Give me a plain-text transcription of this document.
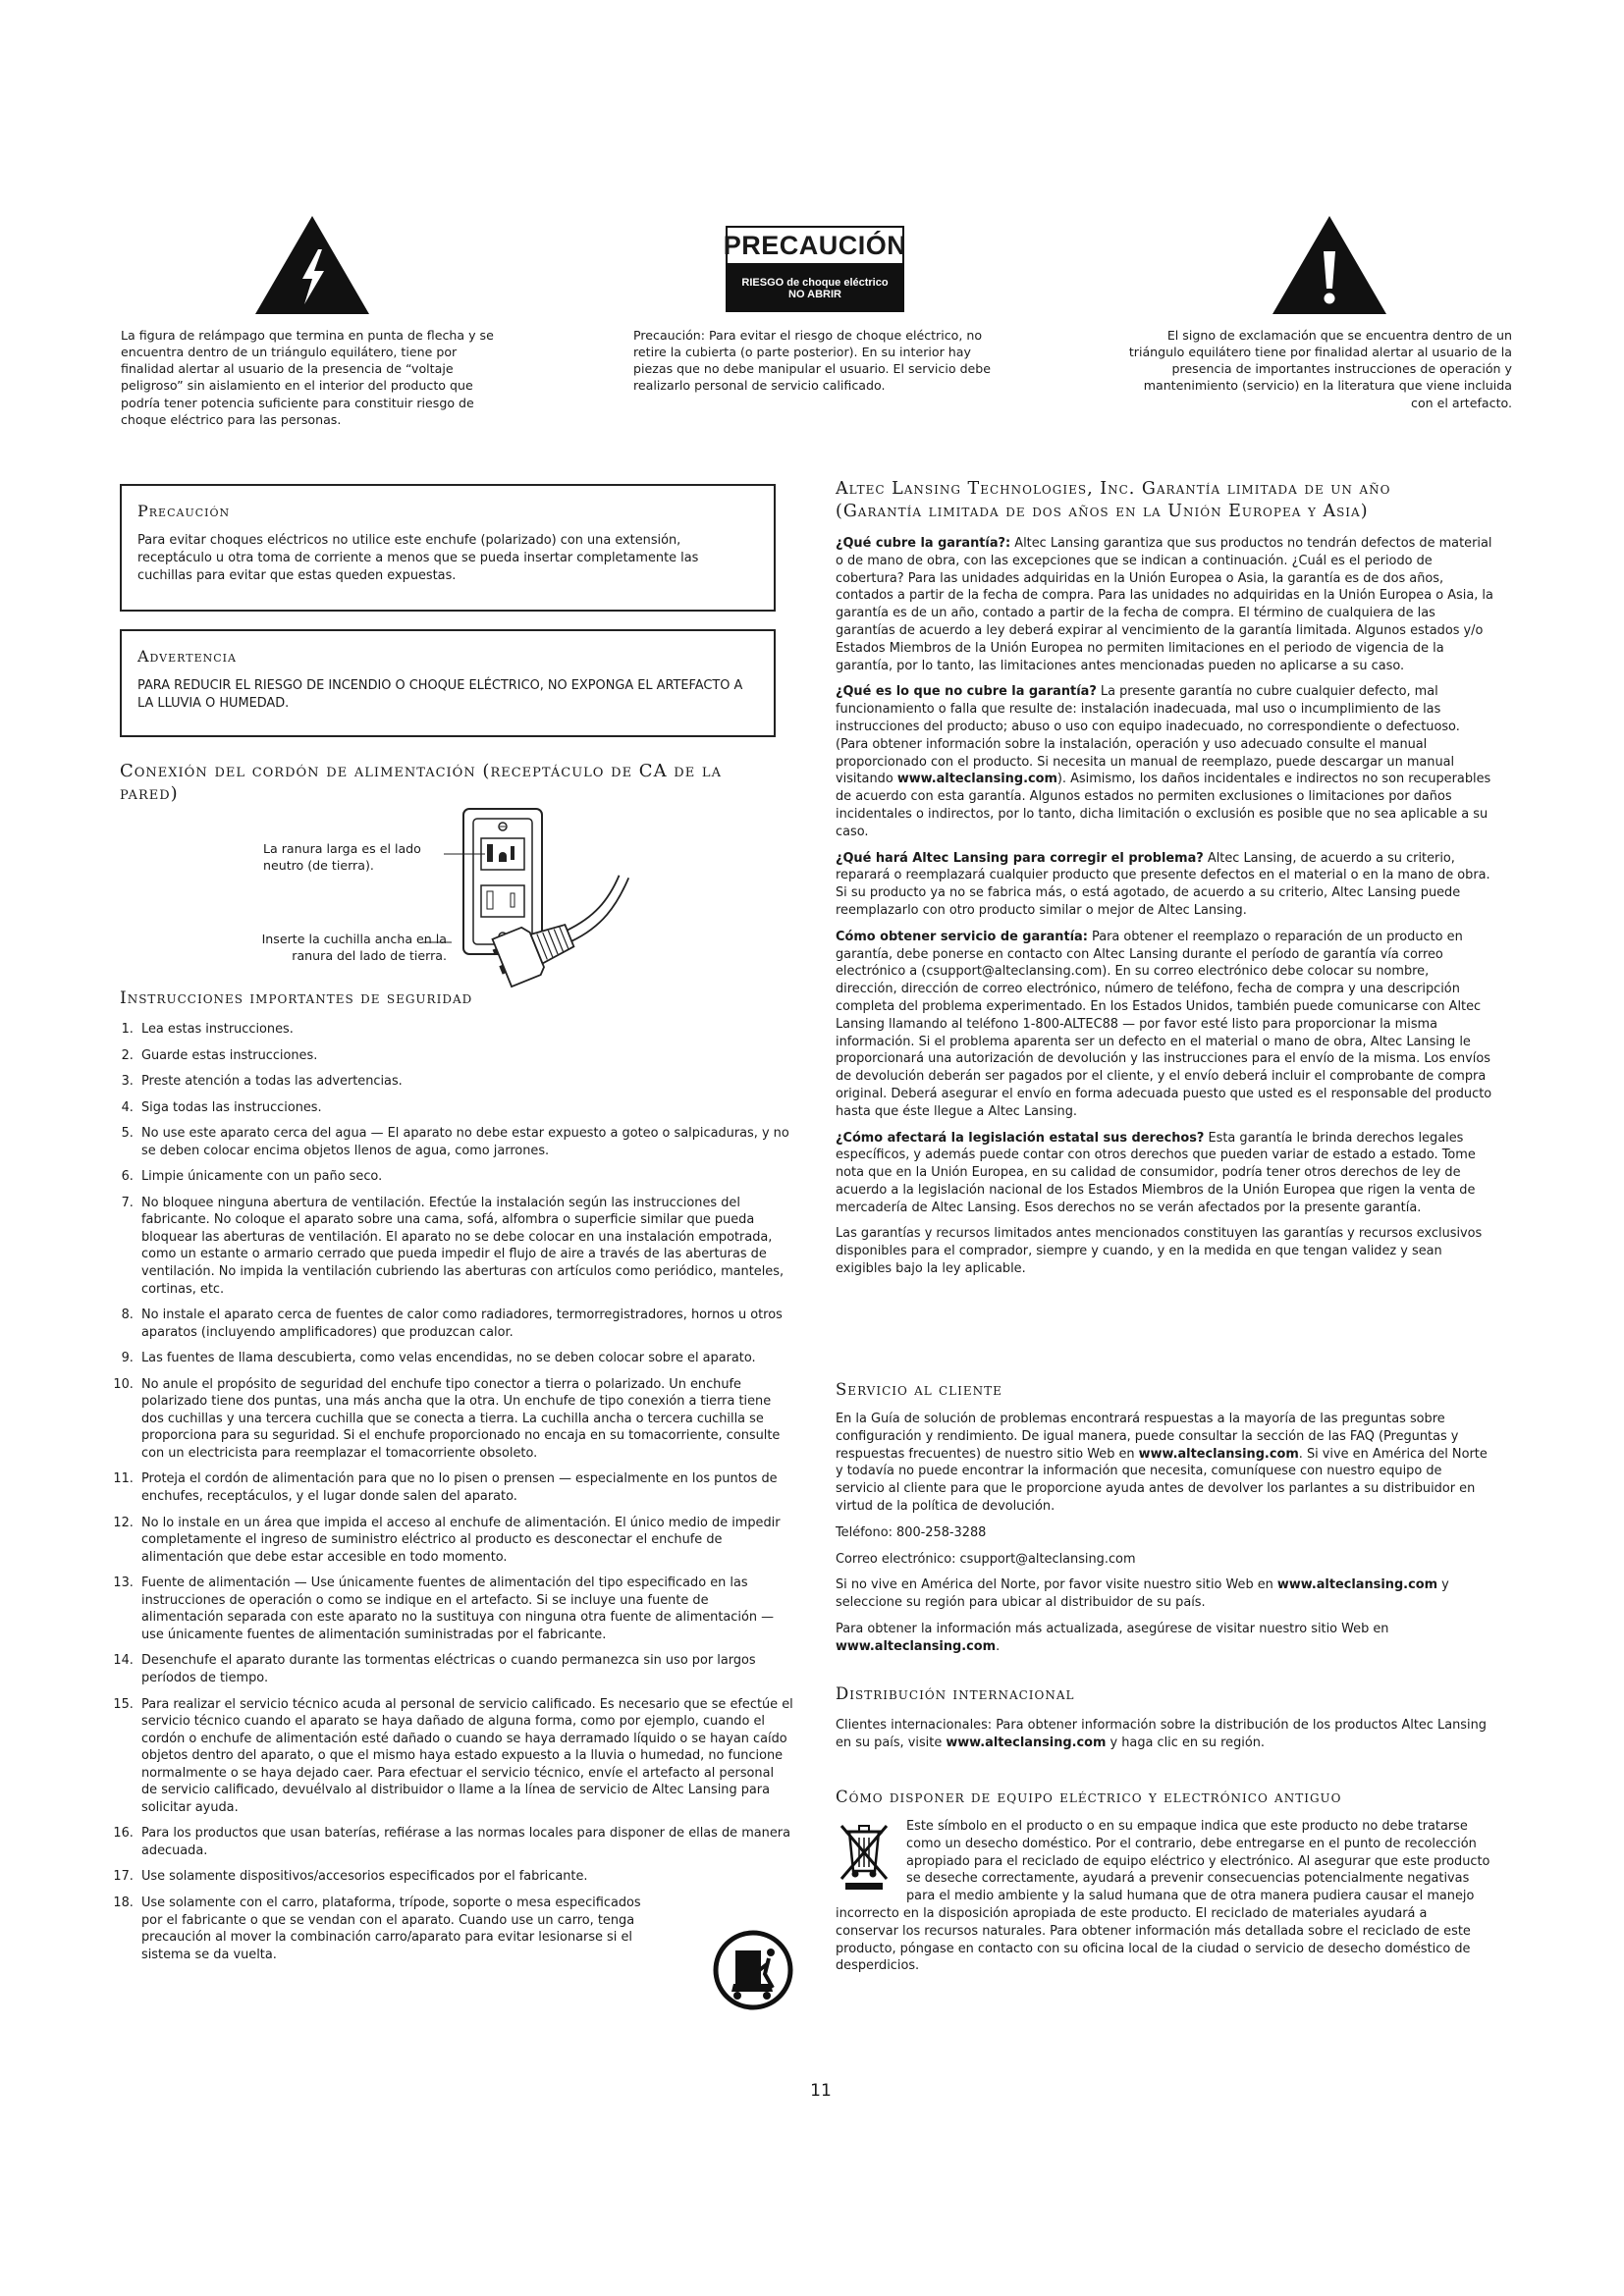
PRECAUCIÓN
RIESGO de choque eléctrico
NO ABRIR

La figura de relámpago que termina en punta de flecha y se encuentra dentro de un triángulo equilátero, tiene por finalidad alertar al usuario de la presencia de “voltaje peligroso” sin aislamiento en el interior del producto que podría tener potencia suficiente para constituir riesgo de choque eléctrico para las personas.

Precaución: Para evitar el riesgo de choque eléctrico, no retire la cubierta (o parte posterior). En su interior hay piezas que no debe manipular el usuario. El servicio debe realizarlo personal de servicio calificado.

El signo de exclamación que se encuentra dentro de un triángulo equilátero tiene por finalidad alertar al usuario de la presencia de importantes instrucciones de operación y mantenimiento (servicio) en la literatura que viene incluida con el artefacto.

Precaución

Para evitar choques eléctricos no utilice este enchufe (polarizado) con una extensión, receptáculo u otra toma de corriente a menos que se pueda insertar completamente las cuchillas para evitar que estas queden expuestas.

Advertencia

PARA REDUCIR EL RIESGO DE INCENDIO O CHOQUE ELÉCTRICO, NO EXPONGA EL ARTEFACTO A LA LLUVIA O HUMEDAD.

Conexión del cordón de alimentación (receptáculo de CA de la pared)

La ranura larga es el lado neutro (de tierra).

Inserte la cuchilla ancha en la ranura del lado de tierra.

Instrucciones importantes de seguridad
1. Lea estas instrucciones.
2. Guarde estas instrucciones.
3. Preste atención a todas las advertencias.
4. Siga todas las instrucciones.
5. No use este aparato cerca del agua — El aparato no debe estar expuesto a goteo o salpicaduras, y no se deben colocar encima objetos llenos de agua, como jarrones.
6. Limpie únicamente con un paño seco.
7. No bloquee ninguna abertura de ventilación. Efectúe la instalación según las instrucciones del fabricante. No coloque el aparato sobre una cama, sofá, alfombra o superficie similar que pueda bloquear las aberturas de ventilación. El aparato no se debe colocar en una instalación empotrada, como un estante o armario cerrado que pueda impedir el flujo de aire a través de las aberturas de ventilación. No impida la ventilación cubriendo las aberturas con artículos como periódico, manteles, cortinas, etc.
8. No instale el aparato cerca de fuentes de calor como radiadores, termorregistradores, hornos u otros aparatos (incluyendo amplificadores) que produzcan calor.
9. Las fuentes de llama descubierta, como velas encendidas, no se deben colocar sobre el aparato.
10. No anule el propósito de seguridad del enchufe tipo conector a tierra o polarizado. Un enchufe polarizado tiene dos puntas, una más ancha que la otra. Un enchufe de tipo conexión a tierra tiene dos cuchillas y una tercera cuchilla que se conecta a tierra. La cuchilla ancha o tercera cuchilla se proporciona para su seguridad. Si el enchufe proporcionado no encaja en su tomacorriente, consulte con un electricista para reemplazar el tomacorriente obsoleto.
11. Proteja el cordón de alimentación para que no lo pisen o prensen — especialmente en los puntos de enchufes, receptáculos, y el lugar donde salen del aparato.
12. No lo instale en un área que impida el acceso al enchufe de alimentación. El único medio de impedir completamente el ingreso de suministro eléctrico al producto es desconectar el enchufe de alimentación que debe estar accesible en todo momento.
13. Fuente de alimentación — Use únicamente fuentes de alimentación del tipo especificado en las instrucciones de operación o como se indique en el artefacto. Si se incluye una fuente de alimentación separada con este aparato no la sustituya con ninguna otra fuente de alimentación — use únicamente fuentes de alimentación suministradas por el fabricante.
14. Desenchufe el aparato durante las tormentas eléctricas o cuando permanezca sin uso por largos períodos de tiempo.
15. Para realizar el servicio técnico acuda al personal de servicio calificado. Es necesario que se efectúe el servicio técnico cuando el aparato se haya dañado de alguna forma, como por ejemplo, cuando el cordón o enchufe de alimentación esté dañado o cuando se haya derramado líquido o se hayan caído objetos dentro del aparato, o que el mismo haya estado expuesto a la lluvia o humedad, no funcione normalmente o se haya dejado caer. Para efectuar el servicio técnico, envíe el artefacto al personal de servicio calificado, devuélvalo al distribuidor o llame a la línea de servicio de Altec Lansing para solicitar ayuda.
16. Para los productos que usan baterías, refiérase a las normas locales para disponer de ellas de manera adecuada.
17. Use solamente dispositivos/accesorios especificados por el fabricante.
18. Use solamente con el carro, plataforma, trípode, soporte o mesa especificados por el fabricante o que se vendan con el aparato. Cuando use un carro, tenga precaución al mover la combinación carro/aparato para evitar lesionarse si el sistema se da vuelta.
Altec Lansing Technologies, Inc. Garantía limitada de un año
(Garantía limitada de dos años en la Unión Europea y Asia)

¿Qué cubre la garantía?: Altec Lansing garantiza que sus productos no tendrán defectos de material o de mano de obra, con las excepciones que se indican a continuación. ¿Cuál es el periodo de cobertura? Para las unidades adquiridas en la Unión Europea o Asia, la garantía es de dos años, contados a partir de la fecha de compra. Para las unidades no adquiridas en la Unión Europea o Asia, la garantía es de un año, contado a partir de la fecha de compra. El término de cualquiera de las garantías de acuerdo a ley deberá expirar al vencimiento de la garantía limitada. Algunos estados y/o Estados Miembros de la Unión Europea no permiten limitaciones en el periodo de vigencia de la garantía, por lo tanto, las limitaciones antes mencionadas pueden no aplicarse a su caso.

¿Qué es lo que no cubre la garantía? La presente garantía no cubre cualquier defecto, mal funcionamiento o falla que resulte de: instalación inadecuada, mal uso o incumplimiento de las instrucciones del producto; abuso o uso con equipo inadecuado, no correspondiente o defectuoso. (Para obtener información sobre la instalación, operación y uso adecuado consulte el manual proporcionado con el producto. Si necesita un manual de reemplazo, puede descargar un manual visitando www.alteclansing.com). Asimismo, los daños incidentales e indirectos no son recuperables de acuerdo con esta garantía. Algunos estados no permiten exclusiones o limitaciones por daños incidentales o indirectos, por lo tanto, dicha limitación o exclusión es posible que no sea aplicable a su caso.

¿Qué hará Altec Lansing para corregir el problema? Altec Lansing, de acuerdo a su criterio, reparará o reemplazará cualquier producto que presente defectos en el material o en la mano de obra. Si su producto ya no se fabrica más, o está agotado, de acuerdo a su criterio, Altec Lansing puede reemplazarlo con otro producto similar o mejor de Altec Lansing.

Cómo obtener servicio de garantía: Para obtener el reemplazo o reparación de un producto en garantía, debe ponerse en contacto con Altec Lansing durante el período de garantía vía correo electrónico a (csupport@alteclansing.com). En su correo electrónico debe colocar su nombre, dirección, dirección de correo electrónico, número de teléfono, fecha de compra y una descripción completa del problema experimentado. En los Estados Unidos, también puede comunicarse con Altec Lansing llamando al teléfono 1-800-ALTEC88 — por favor esté listo para proporcionar la misma información. Si el problema aparenta ser un defecto en el material o mano de obra, Altec Lansing le proporcionará una autorización de devolución y las instrucciones para el envío de la misma. Los envíos de devolución deberán ser pagados por el cliente, y el envío deberá incluir el comprobante de compra original. Deberá asegurar el envío en forma adecuada puesto que usted es el responsable del producto hasta que éste llegue a Altec Lansing.

¿Cómo afectará la legislación estatal sus derechos? Esta garantía le brinda derechos legales específicos, y además puede contar con otros derechos que pueden variar de estado a estado. Tome nota que en la Unión Europea, en su calidad de consumidor, podría tener otros derechos de ley de acuerdo a la legislación nacional de los Estados Miembros de la Unión Europea que rigen la venta de mercadería de Altec Lansing. Esos derechos no se verán afectados por la presente garantía.

Las garantías y recursos limitados antes mencionados constituyen las garantías y recursos exclusivos disponibles para el comprador, siempre y cuando, y en la medida en que tengan validez y sean exigibles bajo la ley aplicable.

Servicio al cliente

En la Guía de solución de problemas encontrará respuestas a la mayoría de las preguntas sobre configuración y rendimiento. De igual manera, puede consultar la sección de las FAQ (Preguntas y respuestas frecuentes) de nuestro sitio Web en www.alteclansing.com. Si vive en América del Norte y todavía no puede encontrar la información que necesita, comuníquese con nuestro equipo de servicio al cliente para que le proporcione ayuda antes de devolver los parlantes a su distribuidor en virtud de la política de devolución.

Teléfono: 800-258-3288

Correo electrónico: csupport@alteclansing.com

Si no vive en América del Norte, por favor visite nuestro sitio Web en www.alteclansing.com y seleccione su región para ubicar al distribuidor de su país.

Para obtener la información más actualizada, asegúrese de visitar nuestro sitio Web en www.alteclansing.com.

Distribución internacional

Clientes internacionales: Para obtener información sobre la distribución de los productos Altec Lansing en su país, visite www.alteclansing.com y haga clic en su región.

Cómo disponer de equipo eléctrico y electrónico antiguo

Este símbolo en el producto o en su empaque indica que este producto no debe tratarse como un desecho doméstico. Por el contrario, debe entregarse en el punto de recolección apropiado para el reciclado de equipo eléctrico y electrónico. Al asegurar que este producto se deseche correctamente, ayudará a prevenir consecuencias potencialmente negativas para el medio ambiente y la salud humana que de otra manera pudiera causar el manejo incorrecto en la disposición apropiada de este producto. El reciclado de materiales ayudará a conservar los recursos naturales. Para obtener información más detallada sobre el reciclado de este producto, póngase en contacto con su oficina local de la ciudad o servicio de desecho doméstico de desperdicios.

11
